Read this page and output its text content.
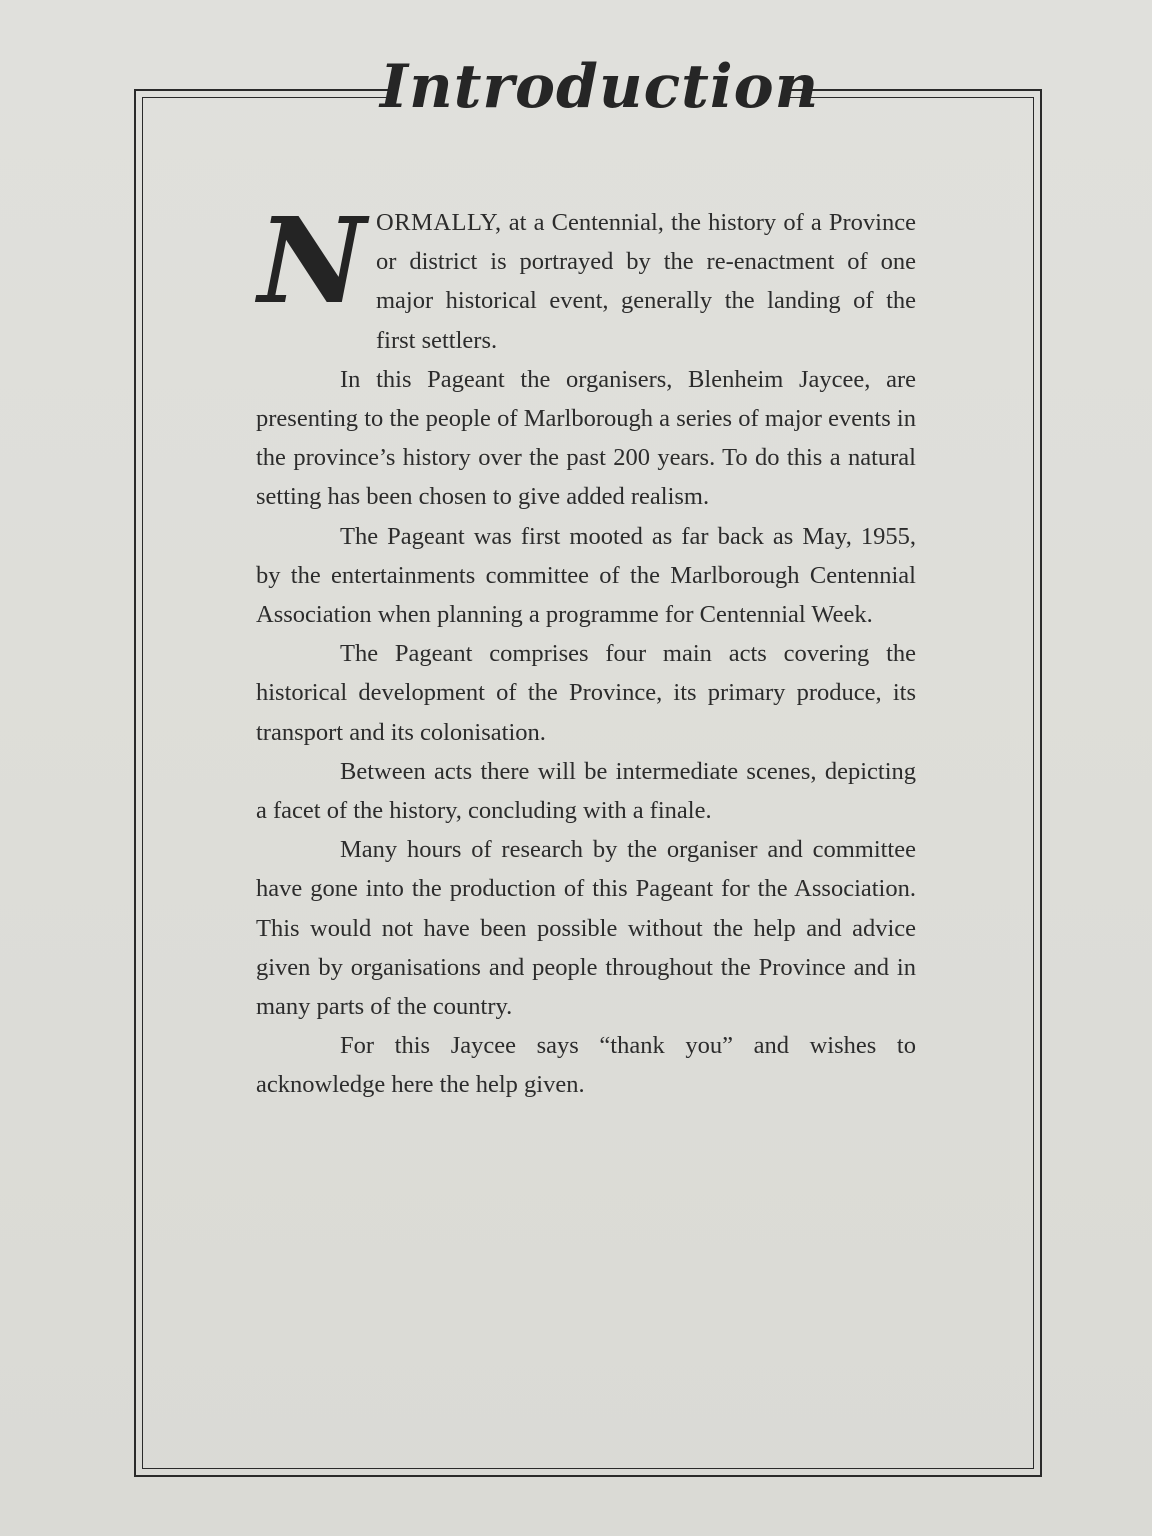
Introduction

NORMALLY, at a Centennial, the history of a Province or district is portrayed by the re-enactment of one major historical event, generally the landing of the first settlers.

In this Pageant the organisers, Blenheim Jaycee, are presenting to the people of Marlborough a series of major events in the province’s history over the past 200 years. To do this a natural setting has been chosen to give added realism.

The Pageant was first mooted as far back as May, 1955, by the entertainments committee of the Marlborough Centennial Association when planning a programme for Centennial Week.

The Pageant comprises four main acts covering the historical development of the Province, its primary produce, its transport and its colonisation.

Between acts there will be intermediate scenes, depicting a facet of the history, concluding with a finale.

Many hours of research by the organiser and committee have gone into the production of this Pageant for the Association. This would not have been possible without the help and advice given by organisations and people throughout the Province and in many parts of the country.

For this Jaycee says “thank you” and wishes to acknowledge here the help given.
